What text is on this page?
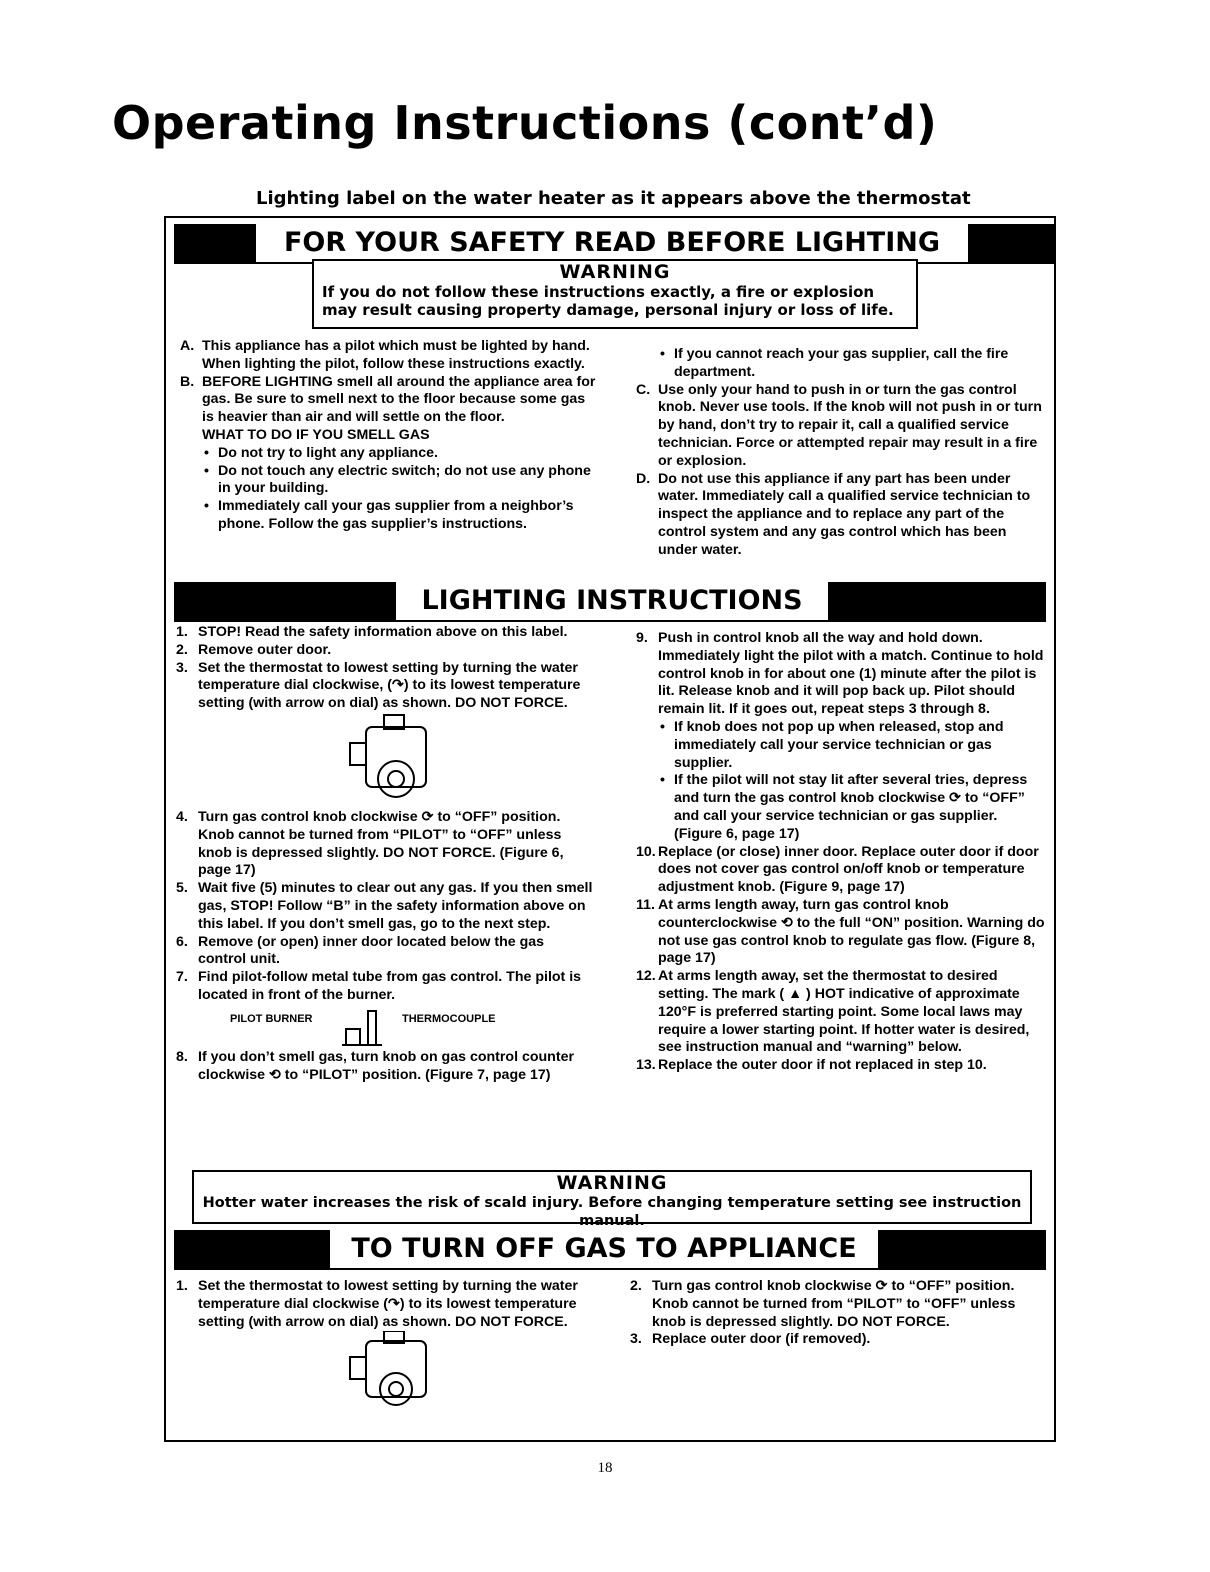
Operating Instructions (cont’d)

Lighting label on the water heater as it appears above the thermostat

FOR YOUR SAFETY READ BEFORE LIGHTING
WARNING
If you do not follow these instructions exactly, a fire or explosion may result causing property damage, personal injury or loss of life.
A. This appliance has a pilot which must be lighted by hand. When lighting the pilot, follow these instructions exactly.
B. BEFORE LIGHTING smell all around the appliance area for gas. Be sure to smell next to the floor because some gas is heavier than air and will settle on the floor.
WHAT TO DO IF YOU SMELL GAS
• Do not try to light any appliance.
• Do not touch any electric switch; do not use any phone in your building.
• Immediately call your gas supplier from a neighbor’s phone. Follow the gas supplier’s instructions.
• If you cannot reach your gas supplier, call the fire department.
C. Use only your hand to push in or turn the gas control knob. Never use tools. If the knob will not push in or turn by hand, don’t try to repair it, call a qualified service technician. Force or attempted repair may result in a fire or explosion.
D. Do not use this appliance if any part has been under water. Immediately call a qualified service technician to inspect the appliance and to replace any part of the control system and any gas control which has been under water.
LIGHTING INSTRUCTIONS
1. STOP! Read the safety information above on this label.
2. Remove outer door.
3. Set the thermostat to lowest setting by turning the water temperature dial clockwise, (↷) to its lowest temperature setting (with arrow on dial) as shown. DO NOT FORCE.
4. Turn gas control knob clockwise ⟳ to “OFF” position. Knob cannot be turned from “PILOT” to “OFF” unless knob is depressed slightly. DO NOT FORCE. (Figure 6, page 17)
5. Wait five (5) minutes to clear out any gas. If you then smell gas, STOP! Follow “B” in the safety information above on this label. If you don’t smell gas, go to the next step.
6. Remove (or open) inner door located below the gas control unit.
7. Find pilot-follow metal tube from gas control. The pilot is located in front of the burner.
PILOT BURNER	THERMOCOUPLE
8. If you don’t smell gas, turn knob on gas control counter clockwise ⟲ to “PILOT” position. (Figure 7, page 17)
9. Push in control knob all the way and hold down. Immediately light the pilot with a match. Continue to hold control knob in for about one (1) minute after the pilot is lit. Release knob and it will pop back up. Pilot should remain lit. If it goes out, repeat steps 3 through 8.
• If knob does not pop up when released, stop and immediately call your service technician or gas supplier.
• If the pilot will not stay lit after several tries, depress and turn the gas control knob clockwise ⟳ to “OFF” and call your service technician or gas supplier. (Figure 6, page 17)
10. Replace (or close) inner door. Replace outer door if door does not cover gas control on/off knob or temperature adjustment knob. (Figure 9, page 17)
11. At arms length away, turn gas control knob counterclockwise ⟲ to the full “ON” position. Warning do not use gas control knob to regulate gas flow. (Figure 8, page 17)
12. At arms length away, set the thermostat to desired setting. The mark ( ▲ ) HOT indicative of approximate 120°F is preferred starting point. Some local laws may require a lower starting point. If hotter water is desired, see instruction manual and “warning” below.
13. Replace the outer door if not replaced in step 10.
WARNING
Hotter water increases the risk of scald injury. Before changing temperature setting see instruction manual.
TO TURN OFF GAS TO APPLIANCE
1. Set the thermostat to lowest setting by turning the water temperature dial clockwise (↷) to its lowest temperature setting (with arrow on dial) as shown. DO NOT FORCE.
2. Turn gas control knob clockwise ⟳ to “OFF” position. Knob cannot be turned from “PILOT” to “OFF” unless knob is depressed slightly. DO NOT FORCE.
3. Replace outer door (if removed).
18
